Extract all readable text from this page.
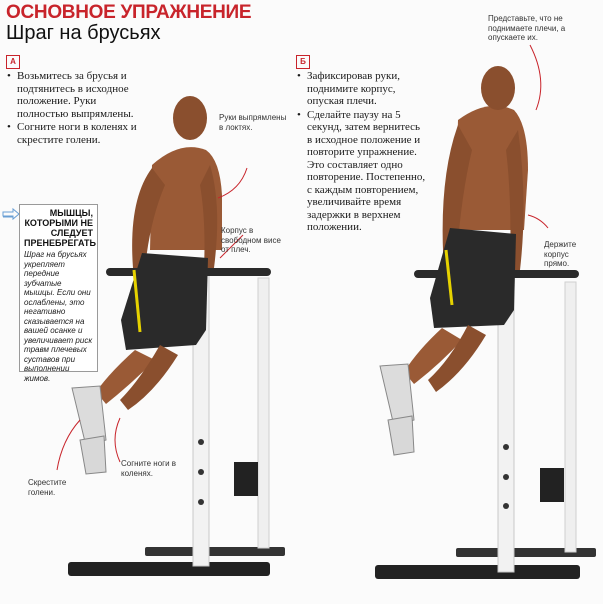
ОСНОВНОЕ УПРАЖНЕНИЕ
Шраг на брусьях
А
• Возьмитесь за брусья и подтянитесь в исходное положение. Руки полностью выпрямлены.
• Согните ноги в коленях и скрестите голени.
Руки выпрямлены в локтях.
Корпус в свободном висе от плеч.
Скрестите голени.
Согните ноги в коленях.
МЫШЦЫ, КОТОРЫМИ НЕ СЛЕДУЕТ ПРЕНЕБРЕГАТЬ
Шраг на брусьях укрепляет передние зубчатые мышцы. Если они ослаблены, это негативно сказывается на вашей осанке и увеличивает риск травм плечевых суставов при выполнении жимов.
Б
• Зафиксировав руки, поднимите корпус, опуская плечи.
• Сделайте паузу на 5 секунд, затем вернитесь в исходное положение и повторите упражнение. Это составляет одно повторение. Постепенно, с каждым повторением, увеличивайте время задержки в верхнем положении.
Представьте, что не поднимаете плечи, а опускаете их.
Держите корпус прямо.
